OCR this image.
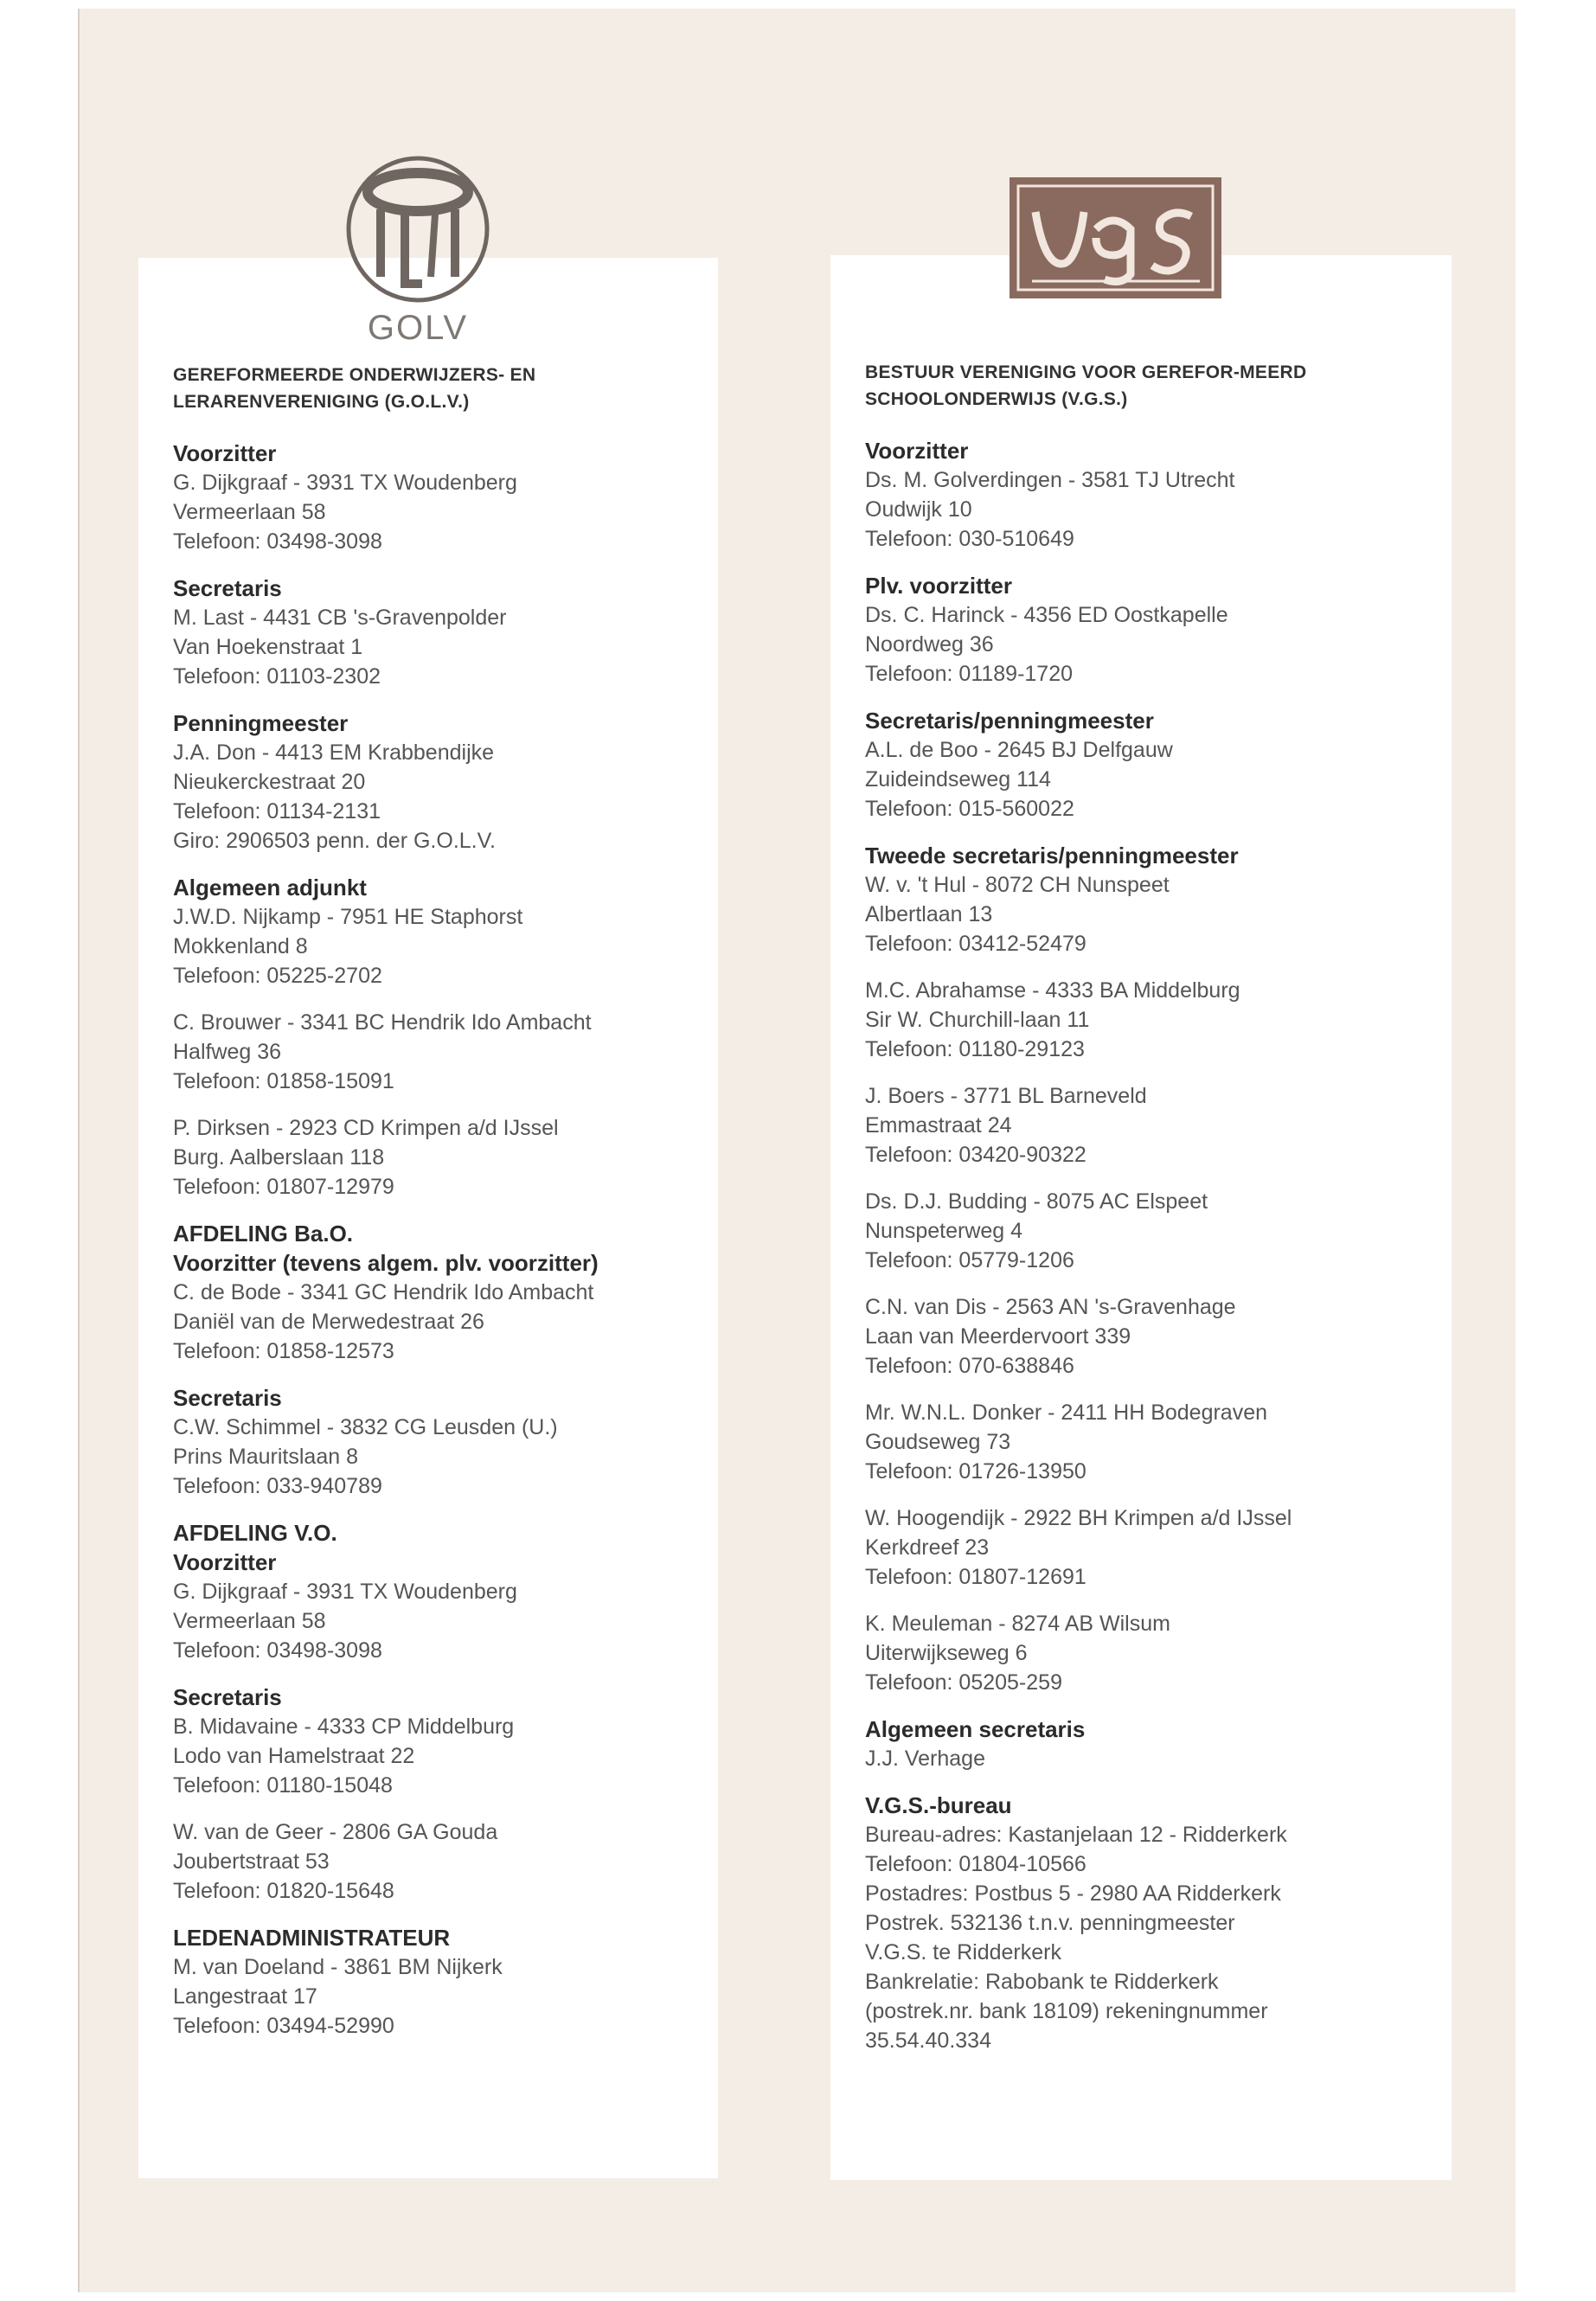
GEREFORMEERDE ONDERWIJZERS- EN LERARENVERENIGING (G.O.L.V.)
Voorzitter
G. Dijkgraaf - 3931 TX Woudenberg
Vermeerlaan 58
Telefoon: 03498-3098
Secretaris
M. Last - 4431 CB 's-Gravenpolder
Van Hoekenstraat 1
Telefoon: 01103-2302
Penningmeester
J.A. Don - 4413 EM Krabbendijke
Nieukerckestraat 20
Telefoon: 01134-2131
Giro: 2906503 penn. der G.O.L.V.
Algemeen adjunkt
J.W.D. Nijkamp - 7951 HE Staphorst
Mokkenland 8
Telefoon: 05225-2702
C. Brouwer - 3341 BC Hendrik Ido Ambacht
Halfweg 36
Telefoon: 01858-15091
P. Dirksen - 2923 CD Krimpen a/d IJssel
Burg. Aalberslaan 118
Telefoon: 01807-12979
AFDELING Ba.O.
Voorzitter (tevens algem. plv. voorzitter)
C. de Bode - 3341 GC Hendrik Ido Ambacht
Daniël van de Merwedestraat 26
Telefoon: 01858-12573
Secretaris
C.W. Schimmel - 3832 CG Leusden (U.)
Prins Mauritslaan 8
Telefoon: 033-940789
AFDELING V.O.
Voorzitter
G. Dijkgraaf - 3931 TX Woudenberg
Vermeerlaan 58
Telefoon: 03498-3098
Secretaris
B. Midavaine - 4333 CP Middelburg
Lodo van Hamelstraat 22
Telefoon: 01180-15048
W. van de Geer - 2806 GA Gouda
Joubertstraat 53
Telefoon: 01820-15648
LEDENADMINISTRATEUR
M. van Doeland - 3861 BM Nijkerk
Langestraat 17
Telefoon: 03494-52990
BESTUUR VERENIGING VOOR GEREFOR-MEERD SCHOOLONDERWIJS (V.G.S.)
Voorzitter
Ds. M. Golverdingen - 3581 TJ Utrecht
Oudwijk 10
Telefoon: 030-510649
Plv. voorzitter
Ds. C. Harinck - 4356 ED Oostkapelle
Noordweg 36
Telefoon: 01189-1720
Secretaris/penningmeester
A.L. de Boo - 2645 BJ Delfgauw
Zuideindseweg 114
Telefoon: 015-560022
Tweede secretaris/penningmeester
W. v. 't Hul - 8072 CH Nunspeet
Albertlaan 13
Telefoon: 03412-52479
M.C. Abrahamse - 4333 BA Middelburg
Sir W. Churchill-laan 11
Telefoon: 01180-29123
J. Boers - 3771 BL Barneveld
Emmastraat 24
Telefoon: 03420-90322
Ds. D.J. Budding - 8075 AC Elspeet
Nunspeterweg 4
Telefoon: 05779-1206
C.N. van Dis - 2563 AN 's-Gravenhage
Laan van Meerdervoort 339
Telefoon: 070-638846
Mr. W.N.L. Donker - 2411 HH Bodegraven
Goudseweg 73
Telefoon: 01726-13950
W. Hoogendijk - 2922 BH Krimpen a/d IJssel
Kerkdreef 23
Telefoon: 01807-12691
K. Meuleman - 8274 AB Wilsum
Uiterwijkseweg 6
Telefoon: 05205-259
Algemeen secretaris
J.J. Verhage
V.G.S.-bureau
Bureau-adres: Kastanjelaan 12 - Ridderkerk
Telefoon: 01804-10566
Postadres: Postbus 5 - 2980 AA Ridderkerk
Postrek. 532136 t.n.v. penningmeester
V.G.S. te Ridderkerk
Bankrelatie: Rabobank te Ridderkerk
(postrek.nr. bank 18109) rekeningnummer
35.54.40.334
GOLV
